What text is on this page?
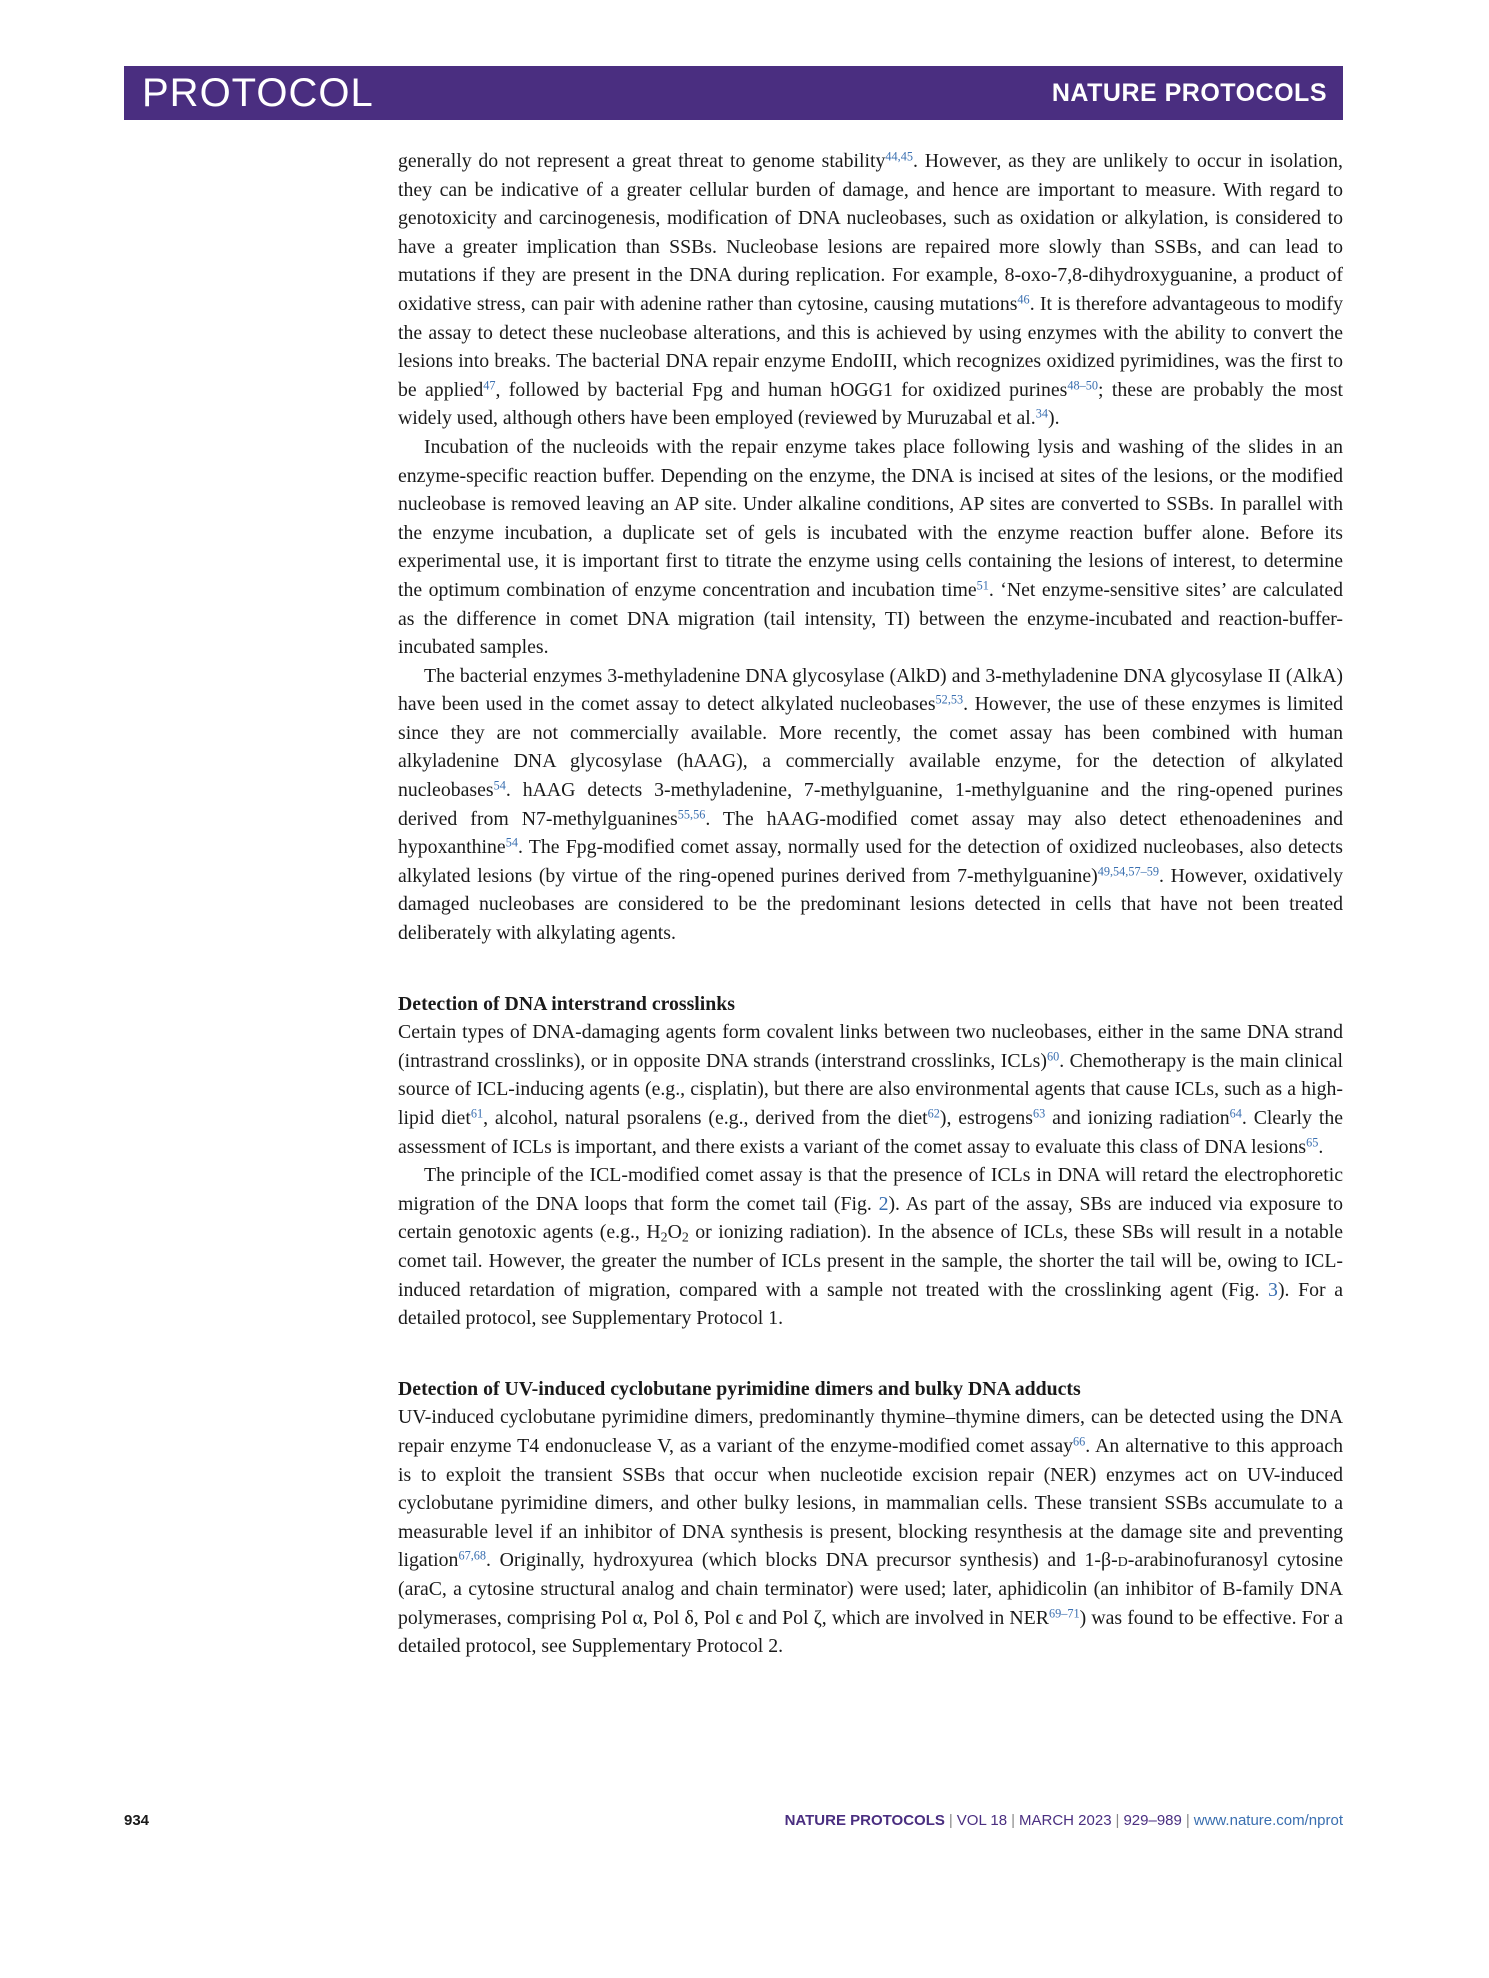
PROTOCOL	NATURE PROTOCOLS

generally do not represent a great threat to genome stability$^{44,45}$. However, as they are unlikely to occur in isolation, they can be indicative of a greater cellular burden of damage, and hence are important to measure. With regard to genotoxicity and carcinogenesis, modification of DNA nucleobases, such as oxidation or alkylation, is considered to have a greater implication than SSBs. Nucleobase lesions are repaired more slowly than SSBs, and can lead to mutations if they are present in the DNA during replication. For example, 8-oxo-7,8-dihydroxyguanine, a product of oxidative stress, can pair with adenine rather than cytosine, causing mutations$^{46}$. It is therefore advantageous to modify the assay to detect these nucleobase alterations, and this is achieved by using enzymes with the ability to convert the lesions into breaks. The bacterial DNA repair enzyme EndoIII, which recognizes oxidized pyrimidines, was the first to be applied$^{47}$, followed by bacterial Fpg and human hOGG1 for oxidized purines$^{48-50}$; these are probably the most widely used, although others have been employed (reviewed by Muruzabal et al.$^{34}$).

Incubation of the nucleoids with the repair enzyme takes place following lysis and washing of the slides in an enzyme-specific reaction buffer. Depending on the enzyme, the DNA is incised at sites of the lesions, or the modified nucleobase is removed leaving an AP site. Under alkaline conditions, AP sites are converted to SSBs. In parallel with the enzyme incubation, a duplicate set of gels is incubated with the enzyme reaction buffer alone. Before its experimental use, it is important first to titrate the enzyme using cells containing the lesions of interest, to determine the optimum combination of enzyme concentration and incubation time$^{51}$. ‘Net enzyme-sensitive sites’ are calculated as the difference in comet DNA migration (tail intensity, TI) between the enzyme-incubated and reaction-buffer-incubated samples.

The bacterial enzymes 3-methyladenine DNA glycosylase (AlkD) and 3-methyladenine DNA glycosylase II (AlkA) have been used in the comet assay to detect alkylated nucleobases$^{52,53}$. However, the use of these enzymes is limited since they are not commercially available. More recently, the comet assay has been combined with human alkyladenine DNA glycosylase (hAAG), a commercially available enzyme, for the detection of alkylated nucleobases$^{54}$. hAAG detects 3-methyladenine, 7-methylguanine, 1-methylguanine and the ring-opened purines derived from N7-methylguanines$^{55,56}$. The hAAG-modified comet assay may also detect ethenoadenines and hypoxanthine$^{54}$. The Fpg-modified comet assay, normally used for the detection of oxidized nucleobases, also detects alkylated lesions (by virtue of the ring-opened purines derived from 7-methylguanine)$^{49,54,57-59}$. However, oxidatively damaged nucleobases are considered to be the predominant lesions detected in cells that have not been treated deliberately with alkylating agents.

Detection of DNA interstrand crosslinks

Certain types of DNA-damaging agents form covalent links between two nucleobases, either in the same DNA strand (intrastrand crosslinks), or in opposite DNA strands (interstrand crosslinks, ICLs)$^{60}$. Chemotherapy is the main clinical source of ICL-inducing agents (e.g., cisplatin), but there are also environmental agents that cause ICLs, such as a high-lipid diet$^{61}$, alcohol, natural psoralens (e.g., derived from the diet$^{62}$), estrogens$^{63}$ and ionizing radiation$^{64}$. Clearly the assessment of ICLs is important, and there exists a variant of the comet assay to evaluate this class of DNA lesions$^{65}$.

The principle of the ICL-modified comet assay is that the presence of ICLs in DNA will retard the electrophoretic migration of the DNA loops that form the comet tail (Fig. 2). As part of the assay, SBs are induced via exposure to certain genotoxic agents (e.g., $H_2O_2$ or ionizing radiation). In the absence of ICLs, these SBs will result in a notable comet tail. However, the greater the number of ICLs present in the sample, the shorter the tail will be, owing to ICL-induced retardation of migration, compared with a sample not treated with the crosslinking agent (Fig. 3). For a detailed protocol, see Supplementary Protocol 1.

Detection of UV-induced cyclobutane pyrimidine dimers and bulky DNA adducts

UV-induced cyclobutane pyrimidine dimers, predominantly thymine–thymine dimers, can be detected using the DNA repair enzyme T4 endonuclease V, as a variant of the enzyme-modified comet assay$^{66}$. An alternative to this approach is to exploit the transient SSBs that occur when nucleotide excision repair (NER) enzymes act on UV-induced cyclobutane pyrimidine dimers, and other bulky lesions, in mammalian cells. These transient SSBs accumulate to a measurable level if an inhibitor of DNA synthesis is present, blocking resynthesis at the damage site and preventing ligation$^{67,68}$. Originally, hydroxyurea (which blocks DNA precursor synthesis) and 1-β-d-arabinofuranosyl cytosine (araC, a cytosine structural analog and chain terminator) were used; later, aphidicolin (an inhibitor of B-family DNA polymerases, comprising Pol α, Pol δ, Pol ϵ and Pol ζ, which are involved in NER$^{69-71}$) was found to be effective. For a detailed protocol, see Supplementary Protocol 2.

934	NATURE PROTOCOLS | VOL 18 | MARCH 2023 | 929–989 | www.nature.com/nprot
